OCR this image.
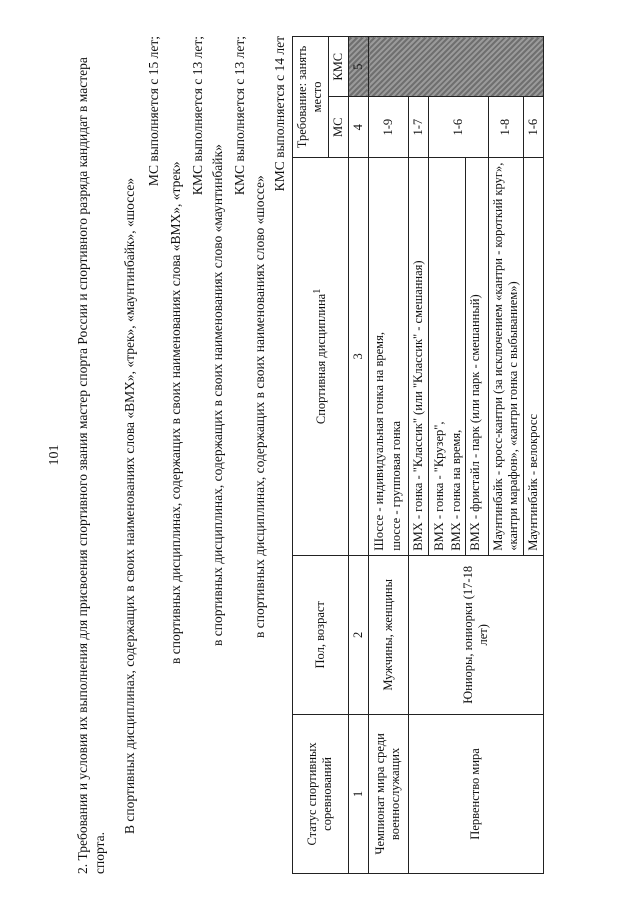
101 2. Требования и условия их выполнения для присвоения спортивного звания мастер спорта России и спортивного разряда кандидат в мастера спорта.
В спортивных дисциплинах, содержащих в своих наименованиях слова «BMX», «трек», «маунтинбайк», «шоссе»
МС выполняется с 15 лет;
в спортивных дисциплинах, содержащих в своих наименованиях слова «BMX», «трек»
КМС выполняется с 13 лет;
в спортивных дисциплинах, содержащих в своих наименованиях слово «маунтинбайк»
КМС выполняется с 13 лет;
в спортивных дисциплинах, содержащих в своих наименованиях слово «шоссе»
КМС выполняется с 14 лет
Статус спортивных соревнований	Пол, возраст	Спортивная дисциплина$^1$	Требование: занять место	
			МС	КМС
1	2	3	4	5
Чемпионат мира среди военнослужащих	Мужчины, женщины	Шоссе - индивидуальная гонка на время, шоссе - групповая гонка	1-9	
Первенство мира	Юниоры, юниорки (17-18 лет)	BMX - гонка - "Классик" (или "Классик" - смешанная)	1-7	

		BMX - гонка - "Крузер", BMX - гонка на время, BMX - фристайл - парк (или парк - смешанный)	1-6	
		Маунтинбайк - кросс-кантри (за исключением «кантри - короткий круг», «кантри марафон», «кантри гонка с выбыванием»)	1-8	
		Маунтинбайк - велокросс	1-6	
